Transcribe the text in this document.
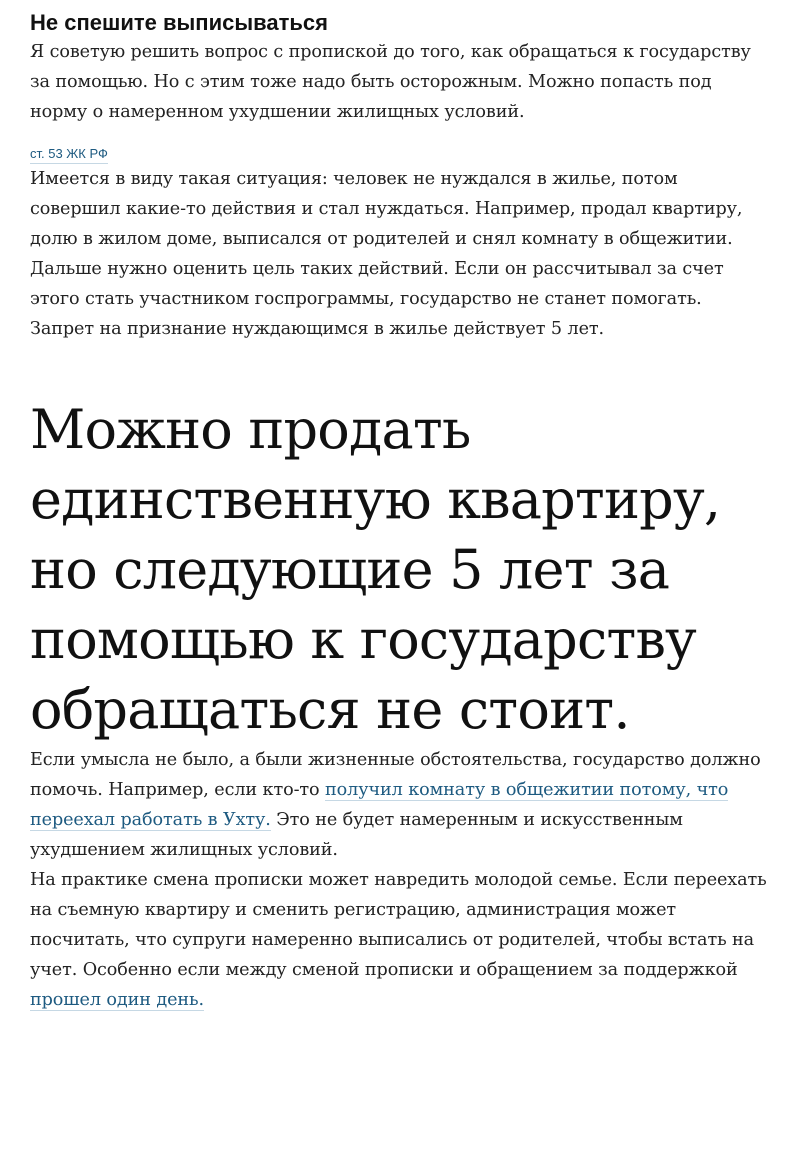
Не спешите выписываться

Я советую решить вопрос с пропиской до того, как обращаться к государству за помощью. Но с этим тоже надо быть осторожным. Можно попасть под норму о намеренном ухудшении жилищных условий.

ст. 53 ЖК РФ

Имеется в виду такая ситуация: человек не нуждался в жилье, потом совершил какие-то действия и стал нуждаться. Например, продал квартиру, долю в жилом доме, выписался от родителей и снял комнату в общежитии.

Дальше нужно оценить цель таких действий. Если он рассчитывал за счет этого стать участником госпрограммы, государство не станет помогать. Запрет на признание нуждающимся в жилье действует 5 лет.

Можно продать единственную квартиру, но следующие 5 лет за помощью к государству обращаться не стоит.

Если умысла не было, а были жизненные обстоятельства, государство должно помочь. Например, если кто-то получил комнату в общежитии потому, что переехал работать в Ухту. Это не будет намеренным и искусственным ухудшением жилищных условий.

На практике смена прописки может навредить молодой семье. Если переехать на съемную квартиру и сменить регистрацию, администрация может посчитать, что супруги намеренно выписались от родителей, чтобы встать на учет. Особенно если между сменой прописки и обращением за поддержкой прошел один день.
